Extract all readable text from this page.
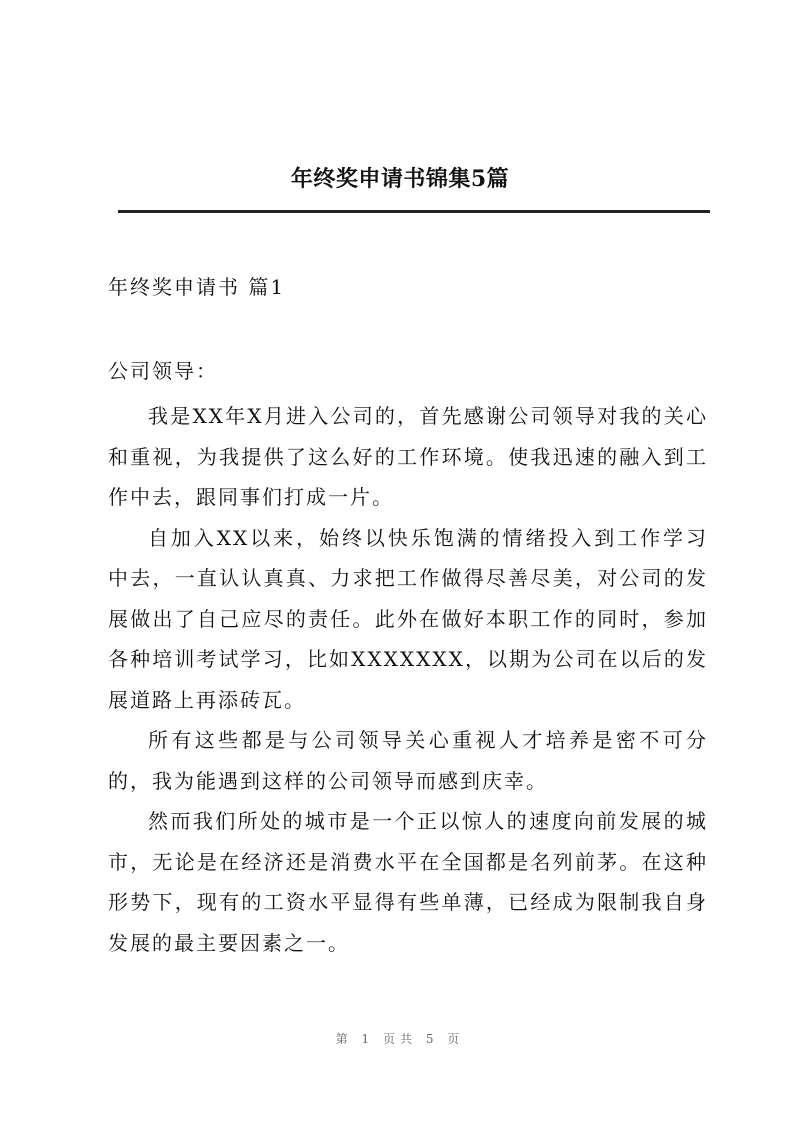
年终奖申请书锦集5篇
年终奖申请书 篇1
公司领导：

我是XX年X月进入公司的，首先感谢公司领导对我的关心和重视，为我提供了这么好的工作环境。使我迅速的融入到工作中去，跟同事们打成一片。

自加入XX以来，始终以快乐饱满的情绪投入到工作学习中去，一直认认真真、力求把工作做得尽善尽美，对公司的发展做出了自己应尽的责任。此外在做好本职工作的同时，参加各种培训考试学习，比如XXXXXXX，以期为公司在以后的发展道路上再添砖瓦。

所有这些都是与公司领导关心重视人才培养是密不可分的，我为能遇到这样的公司领导而感到庆幸。

然而我们所处的城市是一个正以惊人的速度向前发展的城市，无论是在经济还是消费水平在全国都是名列前茅。在这种形势下，现有的工资水平显得有些单薄，已经成为限制我自身发展的最主要因素之一。

第 1 页共 5 页
